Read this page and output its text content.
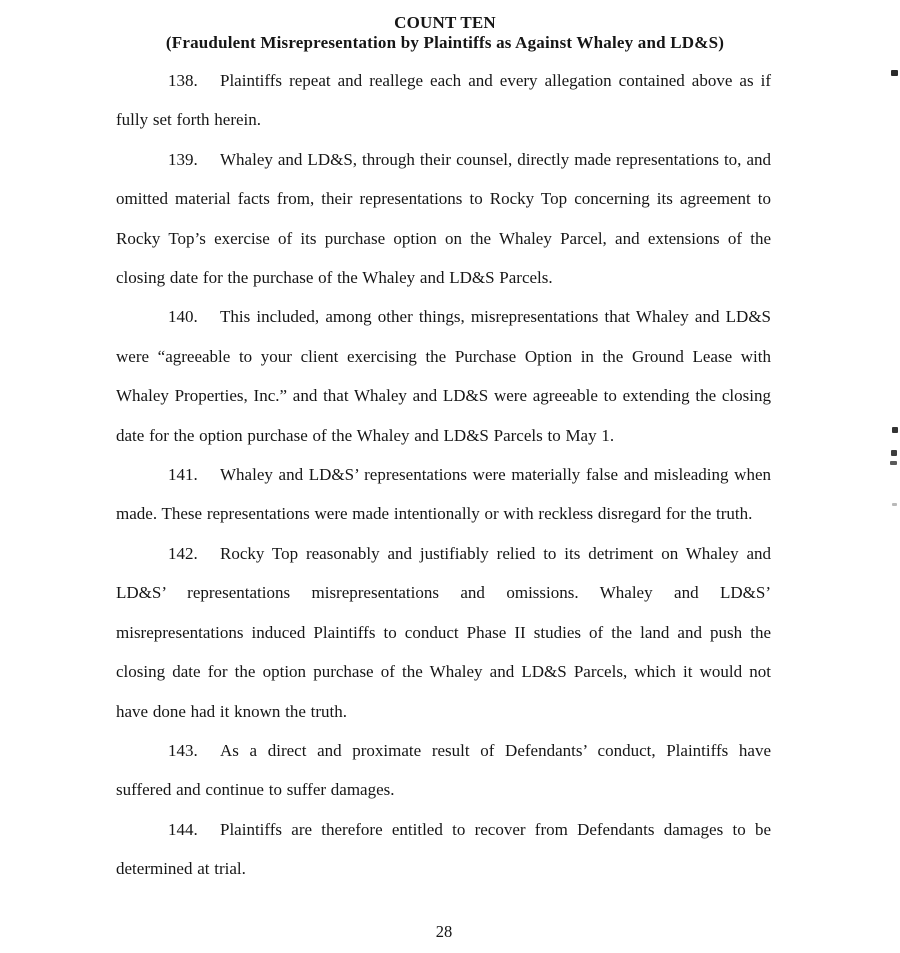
COUNT TEN
(Fraudulent Misrepresentation by Plaintiffs as Against Whaley and LD&S)

138. Plaintiffs repeat and reallege each and every allegation contained above as if fully set forth herein.

139. Whaley and LD&S, through their counsel, directly made representations to, and omitted material facts from, their representations to Rocky Top concerning its agreement to Rocky Top’s exercise of its purchase option on the Whaley Parcel, and extensions of the closing date for the purchase of the Whaley and LD&S Parcels.

140. This included, among other things, misrepresentations that Whaley and LD&S were “agreeable to your client exercising the Purchase Option in the Ground Lease with Whaley Properties, Inc.” and that Whaley and LD&S were agreeable to extending the closing date for the option purchase of the Whaley and LD&S Parcels to May 1.

141. Whaley and LD&S’ representations were materially false and misleading when made. These representations were made intentionally or with reckless disregard for the truth.

142. Rocky Top reasonably and justifiably relied to its detriment on Whaley and LD&S’ representations misrepresentations and omissions. Whaley and LD&S’ misrepresentations induced Plaintiffs to conduct Phase II studies of the land and push the closing date for the option purchase of the Whaley and LD&S Parcels, which it would not have done had it known the truth.

143. As a direct and proximate result of Defendants’ conduct, Plaintiffs have suffered and continue to suffer damages.

144. Plaintiffs are therefore entitled to recover from Defendants damages to be determined at trial.

28
